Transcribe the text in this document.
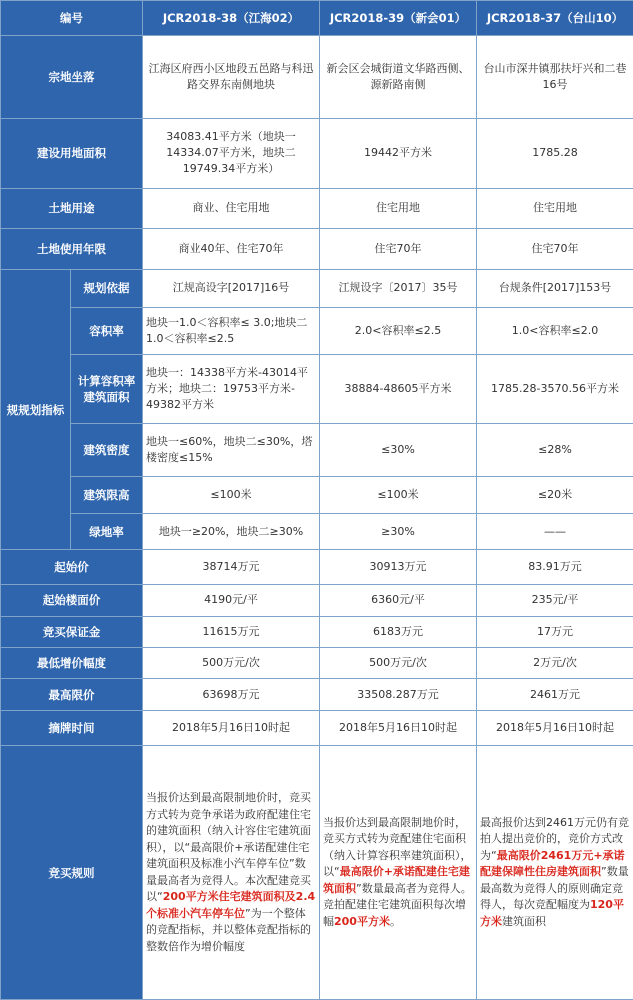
编号		JCR2018-38（江海02）	JCR2018-39（新会01）	JCR2018-37（台山10）
宗地坐落		江海区府西小区地段五邑路与科迅路交界东南侧地块	新会区会城街道文华路西侧、源新路南侧	台山市深井镇那扶圩兴和二巷16号
建设用地面积		34083.41平方米（地块一14334.07平方米，地块二19749.34平方米）	19442平方米	1785.28
土地用途		商业、住宅用地	住宅用地	住宅用地
土地使用年限		商业40年、住宅70年	住宅70年	住宅70年
规规划指标	规划依据	江规高设字[2017]16号	江规设字〔2017〕35号	台规条件[2017]153号
	容积率	地块一1.0＜容积率≤ 3.0;地块二1.0＜容积率≤2.5	2.0<容积率≤2.5	1.0<容积率≤2.0
	计算容积率建筑面积	地块一：14338平方米-43014平方米；地块二：19753平方米- 49382平方米	38884-48605平方米	1785.28-3570.56平方米
	建筑密度	地块一≤60%，地块二≤30%，塔楼密度≤15%	≤30%	≤28%
	建筑限高	≤100米	≤100米	≤20米
	绿地率	地块一≥20%，地块二≥30%	≥30%	——
起始价		38714万元	30913万元	83.91万元
起始楼面价		4190元/平	6360元/平	235元/平
竞买保证金		11615万元	6183万元	17万元
最低增价幅度		500万元/次	500万元/次	2万元/次
最高限价		63698万元	33508.287万元	2461万元
摘牌时间		2018年5月16日10时起	2018年5月16日10时起	2018年5月16日10时起
竞买规则		当报价达到最高限制地价时，竞买方式转为竞争承诺为政府配建住宅的建筑面积（纳入计容住宅建筑面积），以“最高限价+承诺配建住宅建筑面积及标准小汽车停车位”数量最高者为竞得人。本次配建竞买以“200平方米住宅建筑面积及2.4个标准小汽车停车位”为一个整体的竞配指标，并以整体竞配指标的整数倍作为增价幅度	当报价达到最高限制地价时，竞买方式转为竞配建住宅面积（纳入计算容积率建筑面积），以“最高限价+承诺配建住宅建筑面积”数量最高者为竞得人。竞拍配建住宅建筑面积每次增幅200平方米。	最高报价达到2461万元仍有竞拍人提出竞价的，竞价方式改为“最高限价2461万元+承诺配建保障性住房建筑面积”数量最高数为竞得人的原则确定竞得人，每次竞配幅度为120平方米建筑面积
